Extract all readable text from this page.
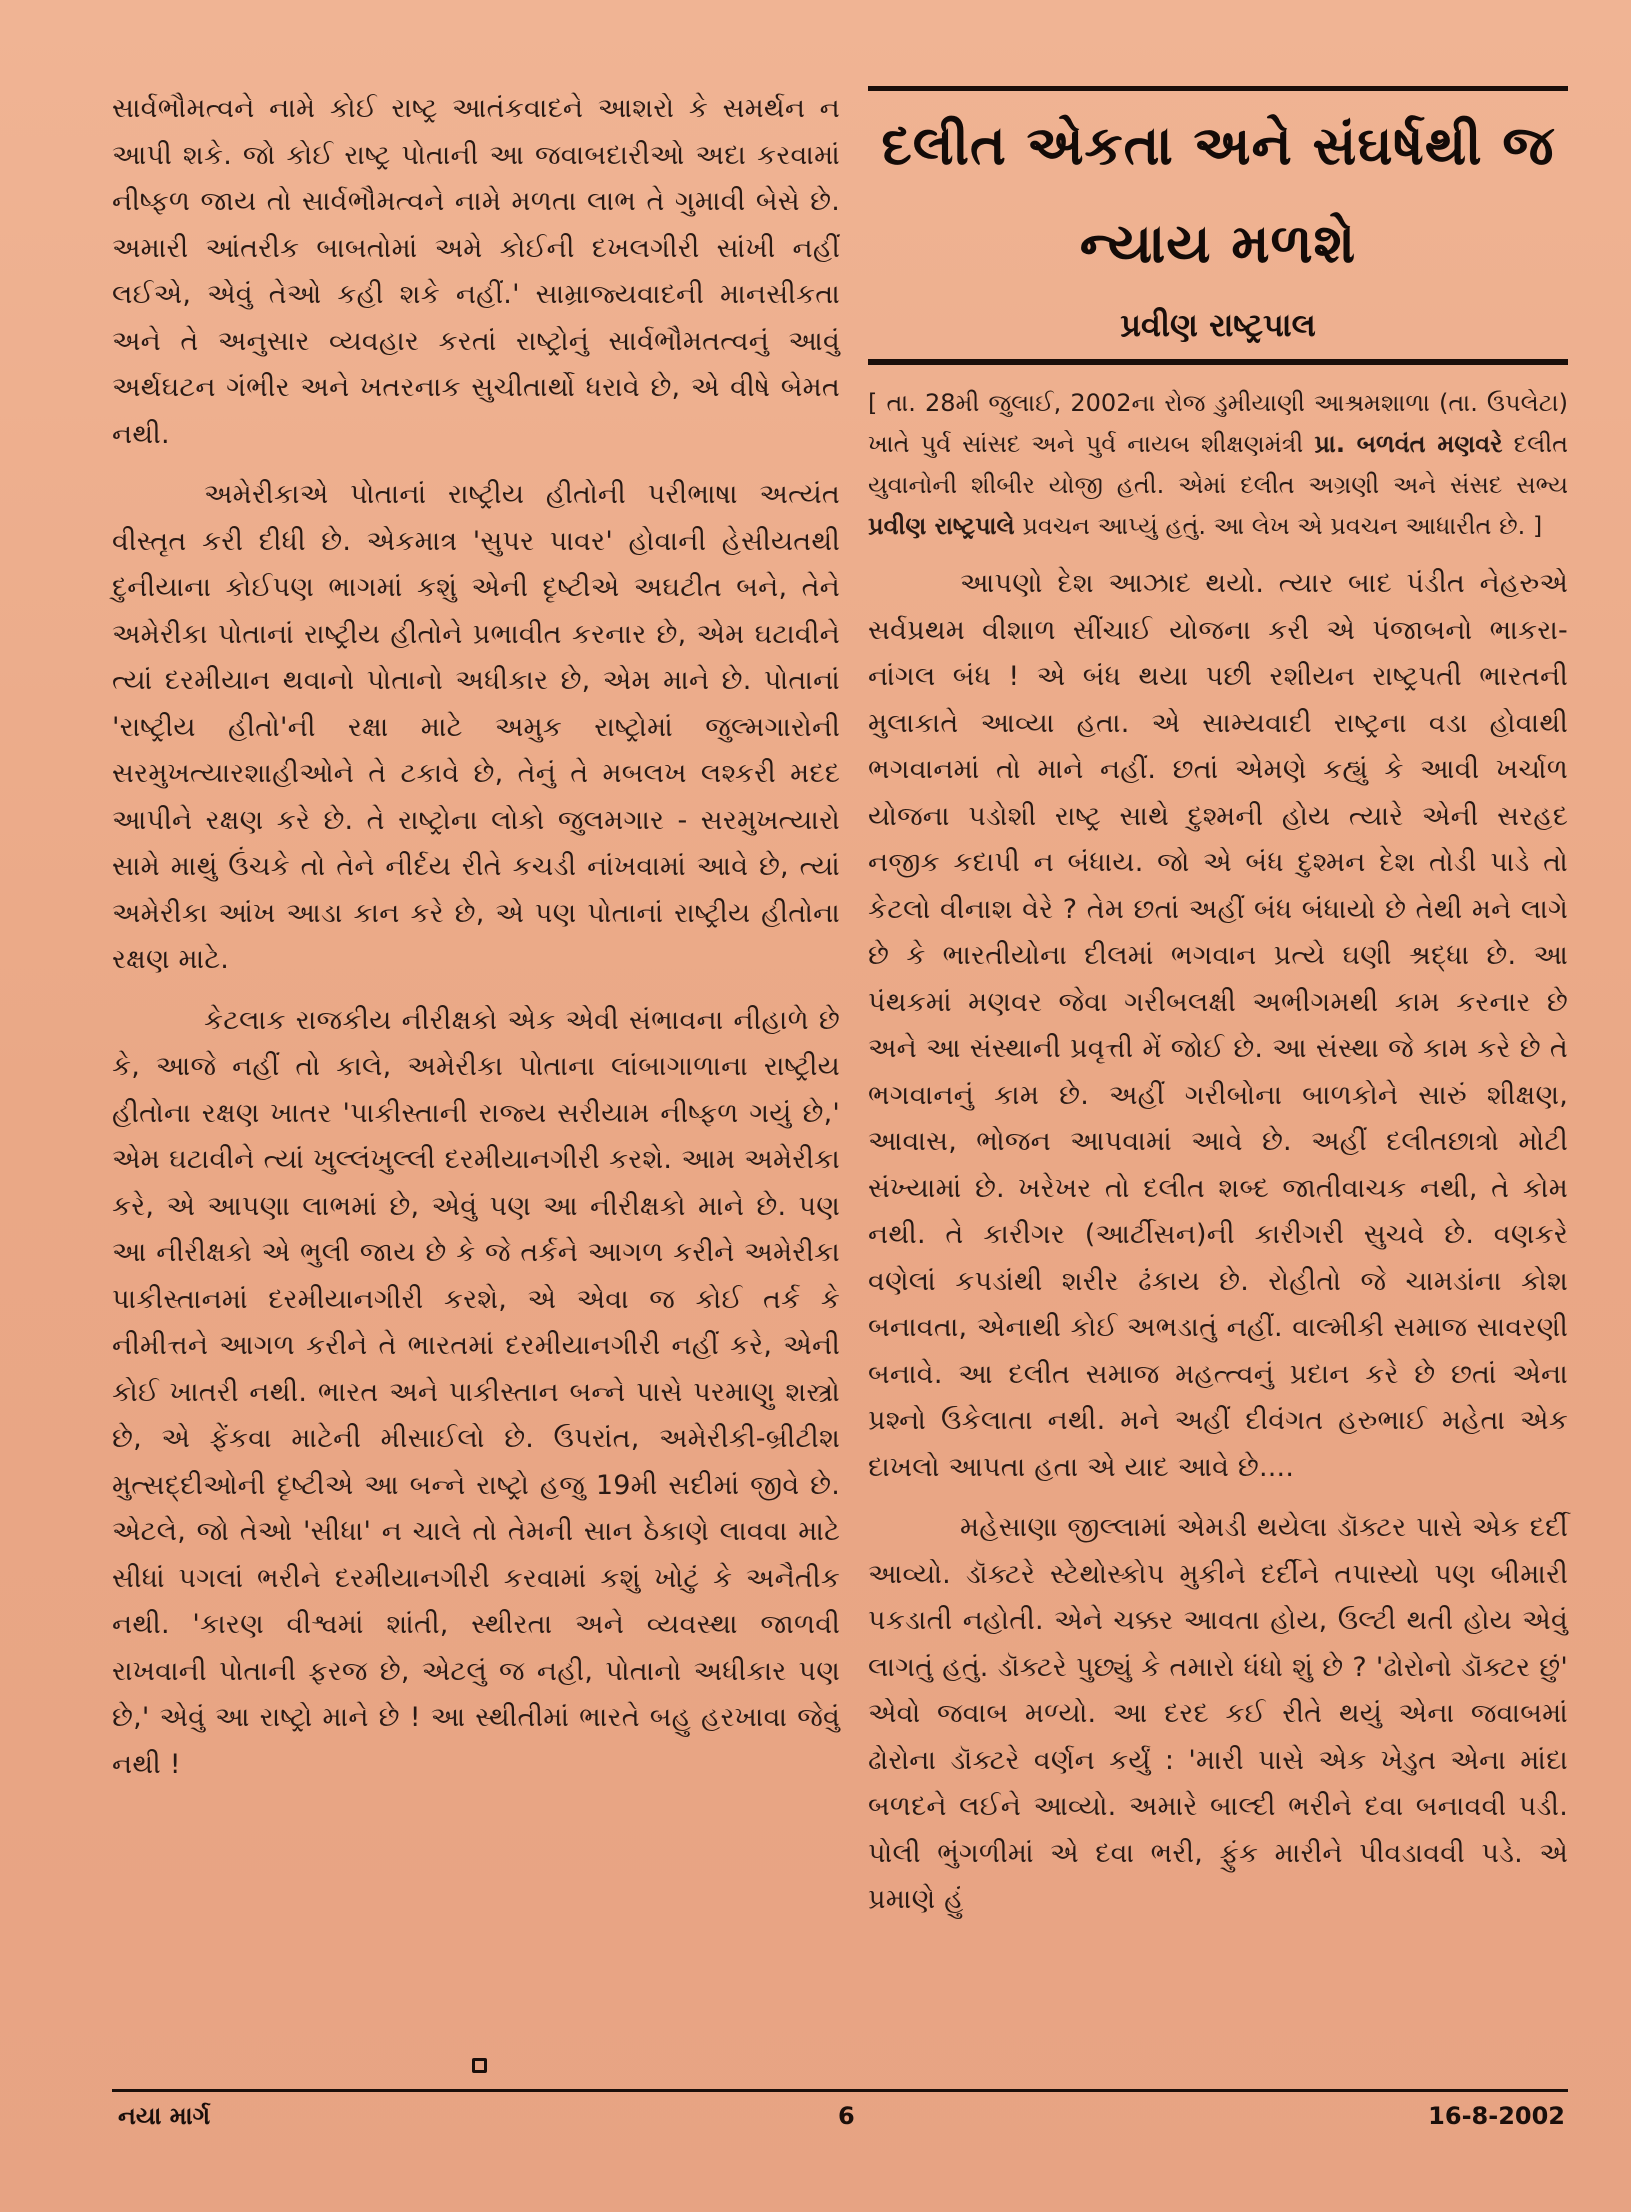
સાર્વભૌમત્વને નામે કોઈ રાષ્ટ્ર આતંકવાદને આશરો કે સમર્થન ન આપી શકે. જો કોઈ રાષ્ટ્ર પોતાની આ જવાબદારીઓ અદા કરવામાં નીષ્ફળ જાય તો સાર્વભૌમત્વને નામે મળતા લાભ તે ગુમાવી બેસે છે. અમારી આંતરીક બાબતોમાં અમે કોઈની દખલગીરી સાંખી નહીં લઈએ, એવું તેઓ કહી શકે નહીં.' સામ્રાજ્યવાદની માનસીકતા અને તે અનુસાર વ્યવહાર કરતાં રાષ્ટ્રોનું સાર્વભૌમતત્વનું આવું અર્થઘટન ગંભીર અને ખતરનાક સુચીતાર્થો ધરાવે છે, એ વીષે બેમત નથી.

અમેરીકાએ પોતાનાં રાષ્ટ્રીય હીતોની પરીભાષા અત્યંત વીસ્તૃત કરી દીધી છે. એકમાત્ર 'સુપર પાવર' હોવાની હેસીયતથી દુનીયાના કોઈપણ ભાગમાં કશું એની દૃષ્ટીએ અઘટીત બને, તેને અમેરીકા પોતાનાં રાષ્ટ્રીય હીતોને પ્રભાવીત કરનાર છે, એમ ઘટાવીને ત્યાં દરમીયાન થવાનો પોતાનો અધીકાર છે, એમ માને છે. પોતાનાં 'રાષ્ટ્રીય હીતો'ની રક્ષા માટે અમુક રાષ્ટ્રોમાં જુલ્મગારોની સરમુખત્યારશાહીઓને તે ટકાવે છે, તેનું તે મબલખ લશ્કરી મદદ આપીને રક્ષણ કરે છે. તે રાષ્ટ્રોના લોકો જુલમગાર - સરમુખત્યારો સામે માથું ઉંચકે તો તેને નીર્દય રીતે કચડી નાંખવામાં આવે છે, ત્યાં અમેરીકા આંખ આડા કાન કરે છે, એ પણ પોતાનાં રાષ્ટ્રીય હીતોના રક્ષણ માટે.

કેટલાક રાજકીય નીરીક્ષકો એક એવી સંભાવના નીહાળે છે કે, આજે નહીં તો કાલે, અમેરીકા પોતાના લાંબાગાળાના રાષ્ટ્રીય હીતોના રક્ષણ ખાતર 'પાકીસ્તાની રાજ્ય સરીયામ નીષ્ફળ ગયું છે,' એમ ઘટાવીને ત્યાં ખુલ્લંખુલ્લી દરમીયાનગીરી કરશે. આમ અમેરીકા કરે, એ આપણા લાભમાં છે, એવું પણ આ નીરીક્ષકો માને છે. પણ આ નીરીક્ષકો એ ભુલી જાય છે કે જે તર્કને આગળ કરીને અમેરીકા પાકીસ્તાનમાં દરમીયાનગીરી કરશે, એ એવા જ કોઈ તર્ક કે નીમીત્તને આગળ કરીને તે ભારતમાં દરમીયાનગીરી નહીં કરે, એની કોઈ ખાતરી નથી. ભારત અને પાકીસ્તાન બન્ને પાસે પરમાણુ શસ્ત્રો છે, એ ફેંકવા માટેની મીસાઈલો છે. ઉપરાંત, અમેરીકી-બ્રીટીશ મુત્સદ્દીઓની દૃષ્ટીએ આ બન્ને રાષ્ટ્રો હજુ 19મી સદીમાં જીવે છે. એટલે, જો તેઓ 'સીધા' ન ચાલે તો તેમની સાન ઠેકાણે લાવવા માટે સીધાં પગલાં ભરીને દરમીયાનગીરી કરવામાં કશું ખોટું કે અનૈતીક નથી. 'કારણ વીશ્વમાં શાંતી, સ્થીરતા અને વ્યવસ્થા જાળવી રાખવાની પોતાની ફરજ છે, એટલું જ નહી, પોતાનો અધીકાર પણ છે,' એવું આ રાષ્ટ્રો માને છે ! આ સ્થીતીમાં ભારતે બહુ હરખાવા જેવું નથી !

દલીત એકતા અને સંઘર્ષથી જ
ન્યાય મળશે
પ્રવીણ રાષ્ટ્રપાલ

[ તા. 28મી જુલાઈ, 2002ના રોજ ડુમીયાણી આશ્રમશાળા (તા. ઉપલેટા) ખાતે પુર્વ સાંસદ અને પુર્વ નાયબ શીક્ષણમંત્રી પ્રા. બળવંત મણવરે દલીત યુવાનોની શીબીર યોજી હતી. એમાં દલીત અગ્રણી અને સંસદ સભ્ય પ્રવીણ રાષ્ટ્રપાલે પ્રવચન આપ્યું હતું. આ લેખ એ પ્રવચન આધારીત છે. ]

આપણો દેશ આઝાદ થયો. ત્યાર બાદ પંડીત નેહરુએ સર્વપ્રથમ વીશાળ સીંચાઈ યોજના કરી એ પંજાબનો ભાકરા-નાંગલ બંધ ! એ બંધ થયા પછી રશીયન રાષ્ટ્રપતી ભારતની મુલાકાતે આવ્યા હતા. એ સામ્યવાદી રાષ્ટ્રના વડા હોવાથી ભગવાનમાં તો માને નહીં. છતાં એમણે કહ્યું કે આવી ખર્ચાળ યોજના પડોશી રાષ્ટ્ર સાથે દુશ્મની હોય ત્યારે એની સરહદ નજીક કદાપી ન બંધાય. જો એ બંધ દુશ્મન દેશ તોડી પાડે તો કેટલો વીનાશ વેરે ? તેમ છતાં અહીં બંધ બંધાયો છે તેથી મને લાગે છે કે ભારતીયોના દીલમાં ભગવાન પ્રત્યે ઘણી શ્રદ્ધા છે. આ પંથકમાં મણવર જેવા ગરીબલક્ષી અભીગમથી કામ કરનાર છે અને આ સંસ્થાની પ્રવૃત્તી મેં જોઈ છે. આ સંસ્થા જે કામ કરે છે તે ભગવાનનું કામ છે. અહીં ગરીબોના બાળકોને સારું શીક્ષણ, આવાસ, ભોજન આપવામાં આવે છે. અહીં દલીતછાત્રો મોટી સંખ્યામાં છે. ખરેખર તો દલીત શબ્દ જાતીવાચક નથી, તે કોમ નથી. તે કારીગર (આર્ટીસન)ની કારીગરી સુચવે છે. વણકરે વણેલાં કપડાંથી શરીર ઢંકાય છે. રોહીતો જે ચામડાંના કોશ બનાવતા, એનાથી કોઈ અભડાતું નહીં. વાલ્મીકી સમાજ સાવરણી બનાવે. આ દલીત સમાજ મહત્ત્વનું પ્રદાન કરે છે છતાં એના પ્રશ્નો ઉકેલાતા નથી. મને અહીં દીવંગત હરુભાઈ મહેતા એક દાખલો આપતા હતા એ યાદ આવે છે....

મહેસાણા જીલ્લામાં એમડી થયેલા ડૉક્ટર પાસે એક દર્દી આવ્યો. ડૉક્ટરે સ્ટેથોસ્કોપ મુકીને દર્દીને તપાસ્યો પણ બીમારી પકડાતી નહોતી. એને ચક્કર આવતા હોય, ઉલ્ટી થતી હોય એવું લાગતું હતું. ડૉક્ટરે પુછ્યું કે તમારો ધંધો શું છે ? 'ઢોરોનો ડૉક્ટર છું' એવો જવાબ મળ્યો. આ દરદ કઈ રીતે થયું એના જવાબમાં ઢોરોના ડૉક્ટરે વર્ણન કર્યું : 'મારી પાસે એક ખેડુત એના માંદા બળદને લઈને આવ્યો. અમારે બાલ્દી ભરીને દવા બનાવવી પડી. પોલી ભુંગળીમાં એ દવા ભરી, ફુંક મારીને પીવડાવવી પડે. એ પ્રમાણે હું

નયા માર્ગ	6	16-8-2002
